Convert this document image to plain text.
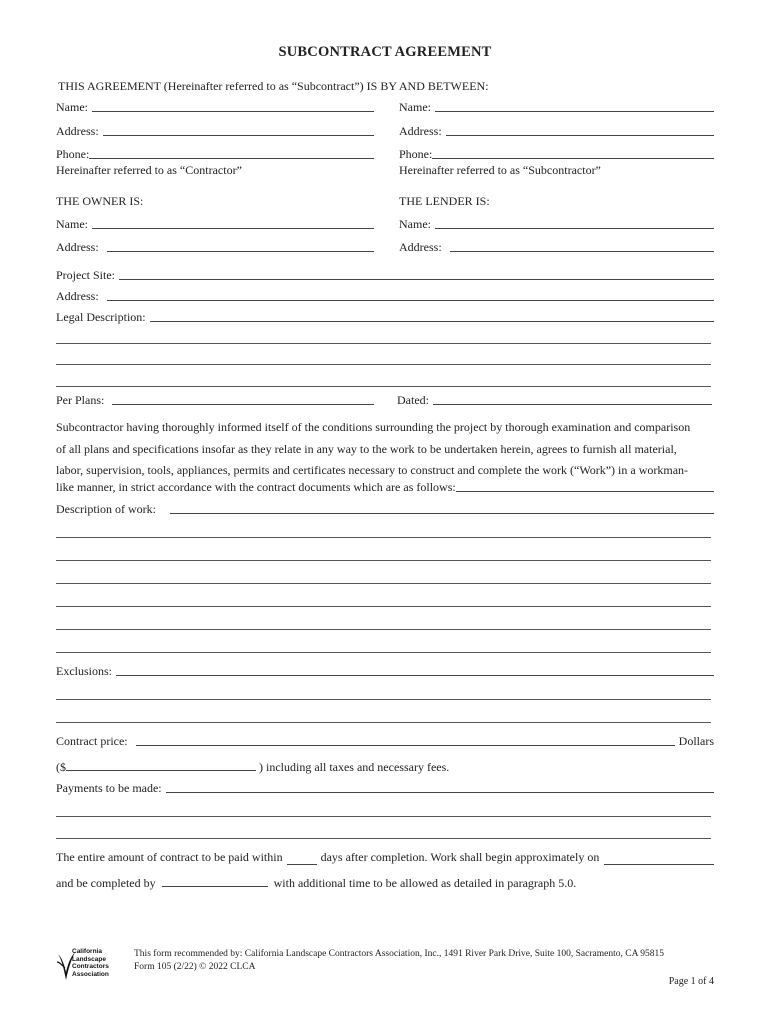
SUBCONTRACT AGREEMENT
THIS AGREEMENT (Hereinafter referred to as “Subcontract”) IS BY AND BETWEEN:
Name:	Name:
Address:	Address:
Phone:	Phone:
Hereinafter referred to as “Contractor”	Hereinafter referred to as “Subcontractor”
THE OWNER IS:	THE LENDER IS:
Name:	Name:
Address:	Address:
Project Site:
Address:
Legal Description:
Per Plans:	Dated:
Subcontractor having thoroughly informed itself of the conditions surrounding the project by thorough examination and comparison
of all plans and specifications insofar as they relate in any way to the work to be undertaken herein, agrees to furnish all material,
labor, supervision, tools, appliances, permits and certificates necessary to construct and complete the work (“Work”) in a workman-
like manner, in strict accordance with the contract documents which are as follows:
Description of work:
Exclusions:
Contract price:	Dollars
($	) including all taxes and necessary fees.
Payments to be made:
The entire amount of contract to be paid within	days after completion. Work shall begin approximately on
and be completed by	with additional time to be allowed as detailed in paragraph 5.0.
California
Landscape
Contractors
Association
This form recommended by: California Landscape Contractors Association, Inc., 1491 River Park Drive, Suite 100, Sacramento, CA 95815
Form 105 (2/22) © 2022 CLCA
Page 1 of 4
